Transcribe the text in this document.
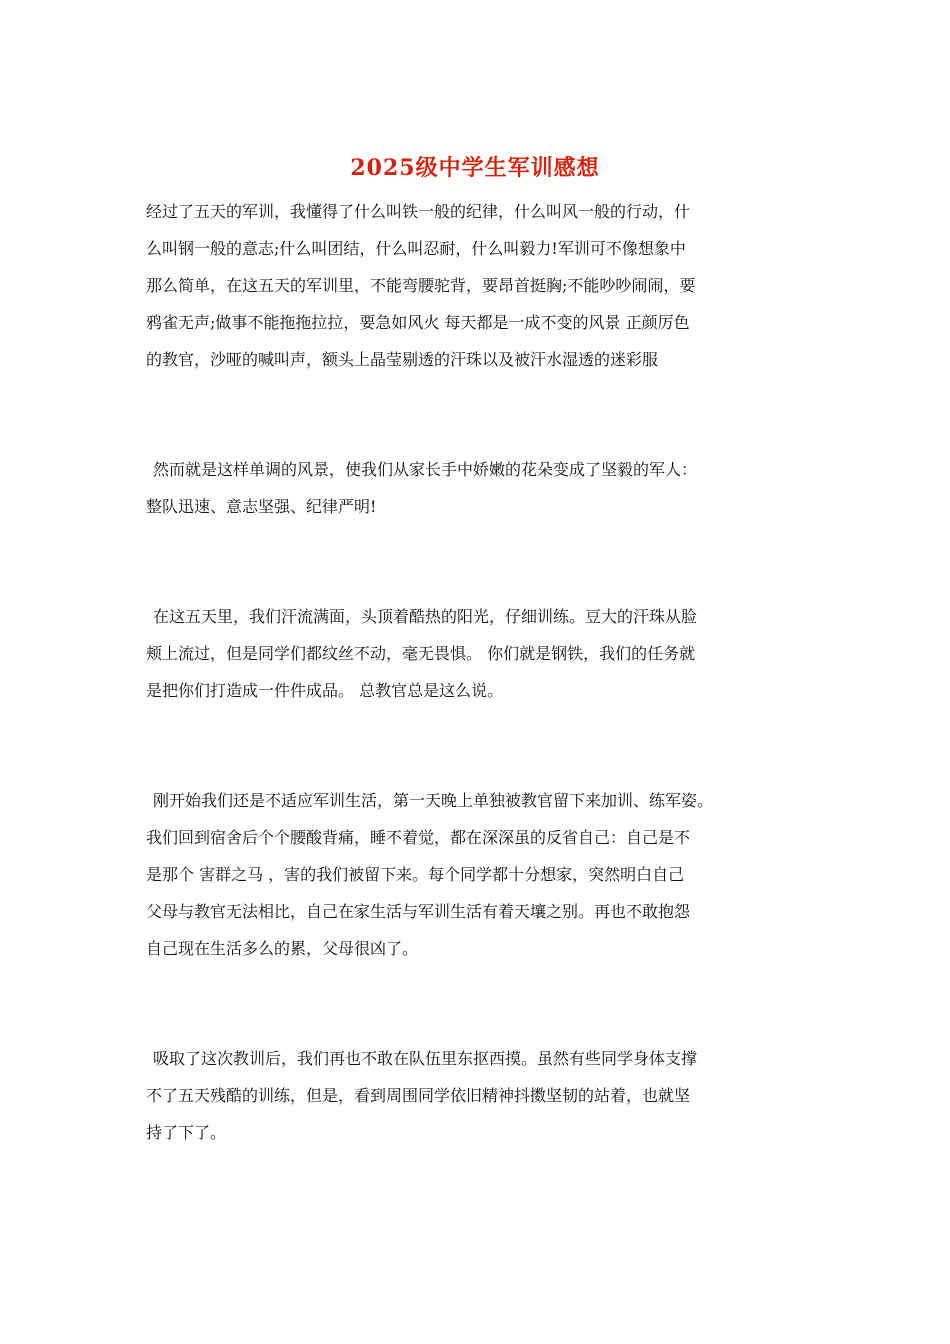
2025级中学生军训感想

经过了五天的军训，我懂得了什么叫铁一般的纪律，什么叫风一般的行动，什
么叫钢一般的意志;什么叫团结，什么叫忍耐，什么叫毅力!军训可不像想象中
那么简单，在这五天的军训里，不能弯腰驼背，要昂首挺胸;不能吵吵闹闹，要
鸦雀无声;做事不能拖拖拉拉，要急如风火 每天都是一成不变的风景 正颜厉色
的教官，沙哑的喊叫声，额头上晶莹剔透的汗珠以及被汗水湿透的迷彩服

然而就是这样单调的风景，使我们从家长手中娇嫩的花朵变成了坚毅的军人：
整队迅速、意志坚强、纪律严明!

在这五天里，我们汗流满面，头顶着酷热的阳光，仔细训练。豆大的汗珠从脸
颊上流过，但是同学们都纹丝不动，毫无畏惧。 你们就是钢铁，我们的任务就
是把你们打造成一件件成品。 总教官总是这么说。

刚开始我们还是不适应军训生活，第一天晚上单独被教官留下来加训、练军姿。
我们回到宿舍后个个腰酸背痛，睡不着觉，都在深深虽的反省自己：自己是不
是那个 害群之马 ，害的我们被留下来。每个同学都十分想家，突然明白自己
父母与教官无法相比，自己在家生活与军训生活有着天壤之别。再也不敢抱怨
自己现在生活多么的累，父母很凶了。

吸取了这次教训后，我们再也不敢在队伍里东抠西摸。虽然有些同学身体支撑
不了五天残酷的训练，但是，看到周围同学依旧精神抖擞坚韧的站着，也就坚
持了下了。
